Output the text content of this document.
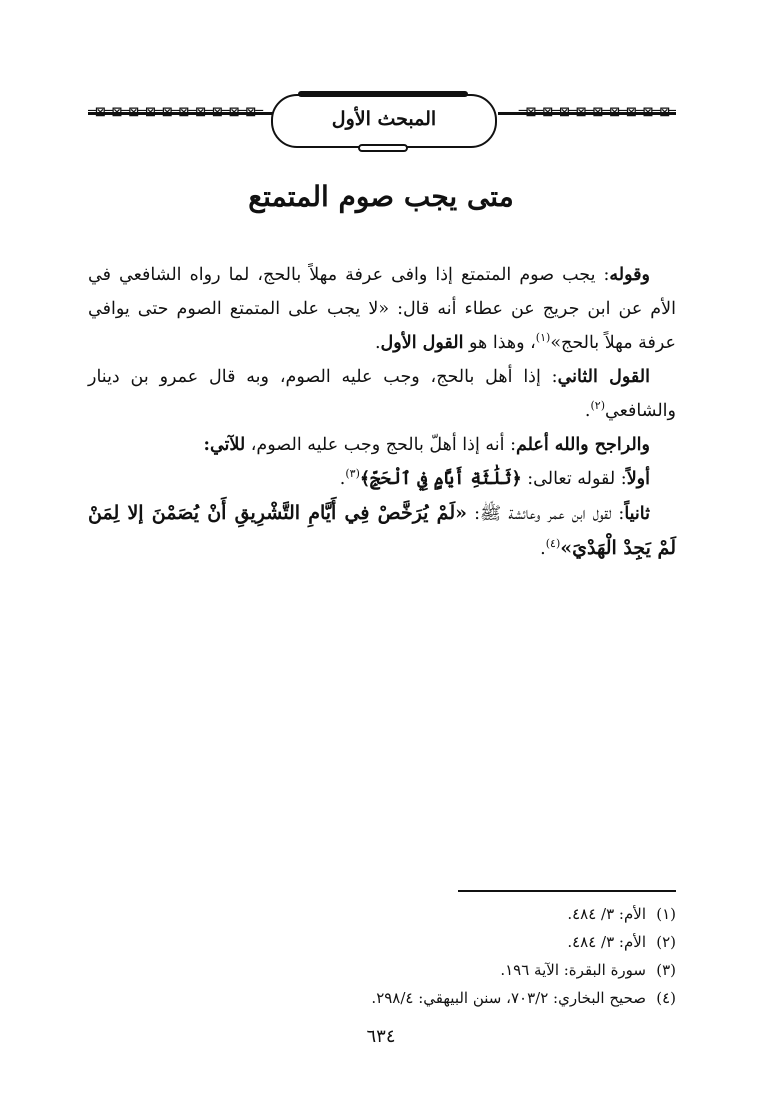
═⊠═⊠═⊠═⊠═⊠═⊠═⊠═⊠═⊠═⊠═	═⊠═⊠═⊠═⊠═⊠═⊠═⊠═⊠═⊠═
المبحث الأول
متى يجب صوم المتمتع

وقوله: يجب صوم المتمتع إذا وافى عرفة مهلاً بالحج، لما رواه الشافعي في الأم عن ابن جريج عن عطاء أنه قال: «لا يجب على المتمتع الصوم حتى يوافي عرفة مهلاً بالحج»$^{(١)}$، وهذا هو القول الأول.

القول الثاني: إذا أهل بالحج، وجب عليه الصوم، وبه قال عمرو بن دينار والشافعي$^{(٢)}$.

والراجح والله أعلم: أنه إذا أهلّ بالحج وجب عليه الصوم، للآتي:

أولاً: لقوله تعالى: ﴿ثَلَٰثَةِ أَيَّامٍ فِي ٱلْحَجِّ﴾$^{(٣)}$.

ثانياً: لقول ابن عمر وعائشة ﷺ: «لَمْ يُرَخَّصْ فِي أَيَّامِ التَّشْرِيقِ أَنْ يُصَمْنَ إلا لِمَنْ لَمْ يَجِدْ الْهَدْيَ»$^{(٤)}$.

(١)الأم: ٣/ ٤٨٤.
(٢)الأم: ٣/ ٤٨٤.
(٣)سورة البقرة: الآية ١٩٦.
(٤)صحيح البخاري: ٧٠٣/٢، سنن البيهقي: ٢٩٨/٤.
٦٣٤
